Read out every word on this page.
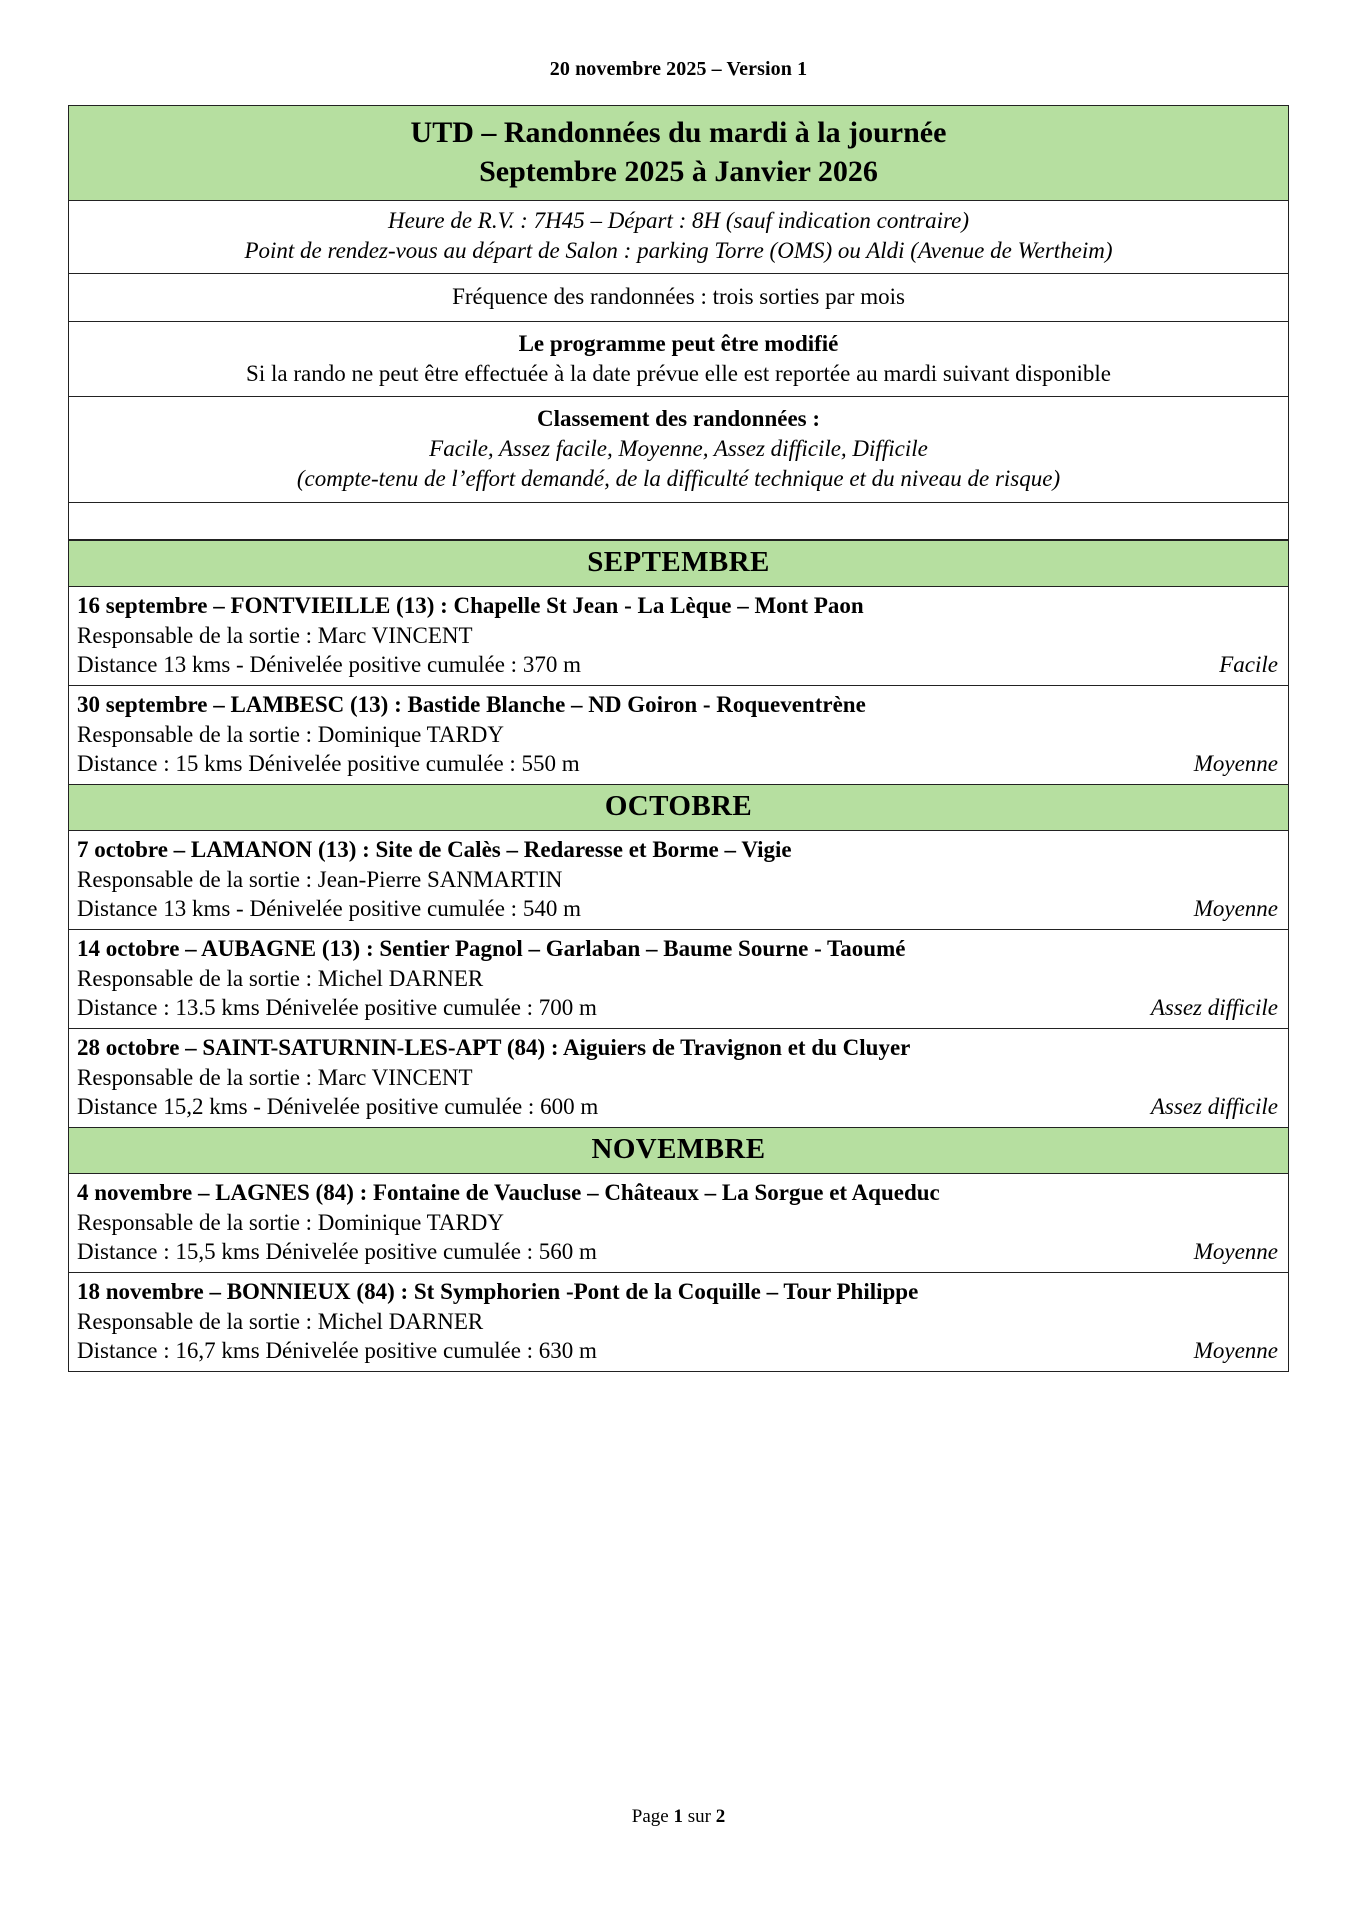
20 novembre 2025 – Version 1
UTD – Randonnées du mardi à la journée
Septembre 2025 à Janvier 2026

Heure de R.V. : 7H45 – Départ : 8H (sauf indication contraire)
Point de rendez-vous au départ de Salon : parking Torre (OMS) ou Aldi (Avenue de Wertheim)

Fréquence des randonnées : trois sorties par mois

Le programme peut être modifié
Si la rando ne peut être effectuée à la date prévue elle est reportée au mardi suivant disponible

Classement des randonnées :
Facile, Assez facile, Moyenne, Assez difficile, Difficile
(compte-tenu de l’effort demandé, de la difficulté technique et du niveau de risque)

SEPTEMBRE

16 septembre – FONTVIEILLE (13) : Chapelle St Jean - La Lèque – Mont Paon
Responsable de la sortie : Marc VINCENT
Distance 13 kms - Dénivelée positive cumulée : 370 m	Facile

30 septembre – LAMBESC (13) : Bastide Blanche – ND Goiron - Roqueventrène
Responsable de la sortie : Dominique TARDY
Distance : 15 kms Dénivelée positive cumulée : 550 m	Moyenne

OCTOBRE

7 octobre – LAMANON (13) : Site de Calès – Redaresse et Borme – Vigie
Responsable de la sortie : Jean-Pierre SANMARTIN
Distance 13 kms - Dénivelée positive cumulée : 540 m	Moyenne

14 octobre – AUBAGNE (13) : Sentier Pagnol – Garlaban – Baume Sourne - Taoumé
Responsable de la sortie : Michel DARNER
Distance : 13.5 kms Dénivelée positive cumulée : 700 m	Assez difficile

28 octobre – SAINT-SATURNIN-LES-APT (84) : Aiguiers de Travignon et du Cluyer
Responsable de la sortie : Marc VINCENT
Distance 15,2 kms - Dénivelée positive cumulée : 600 m	Assez difficile

NOVEMBRE

4 novembre – LAGNES (84) : Fontaine de Vaucluse – Châteaux – La Sorgue et Aqueduc
Responsable de la sortie : Dominique TARDY
Distance : 15,5 kms Dénivelée positive cumulée : 560 m	Moyenne

18 novembre – BONNIEUX (84) : St Symphorien -Pont de la Coquille – Tour Philippe
Responsable de la sortie : Michel DARNER
Distance : 16,7 kms Dénivelée positive cumulée : 630 m	Moyenne
Page 1 sur 2
